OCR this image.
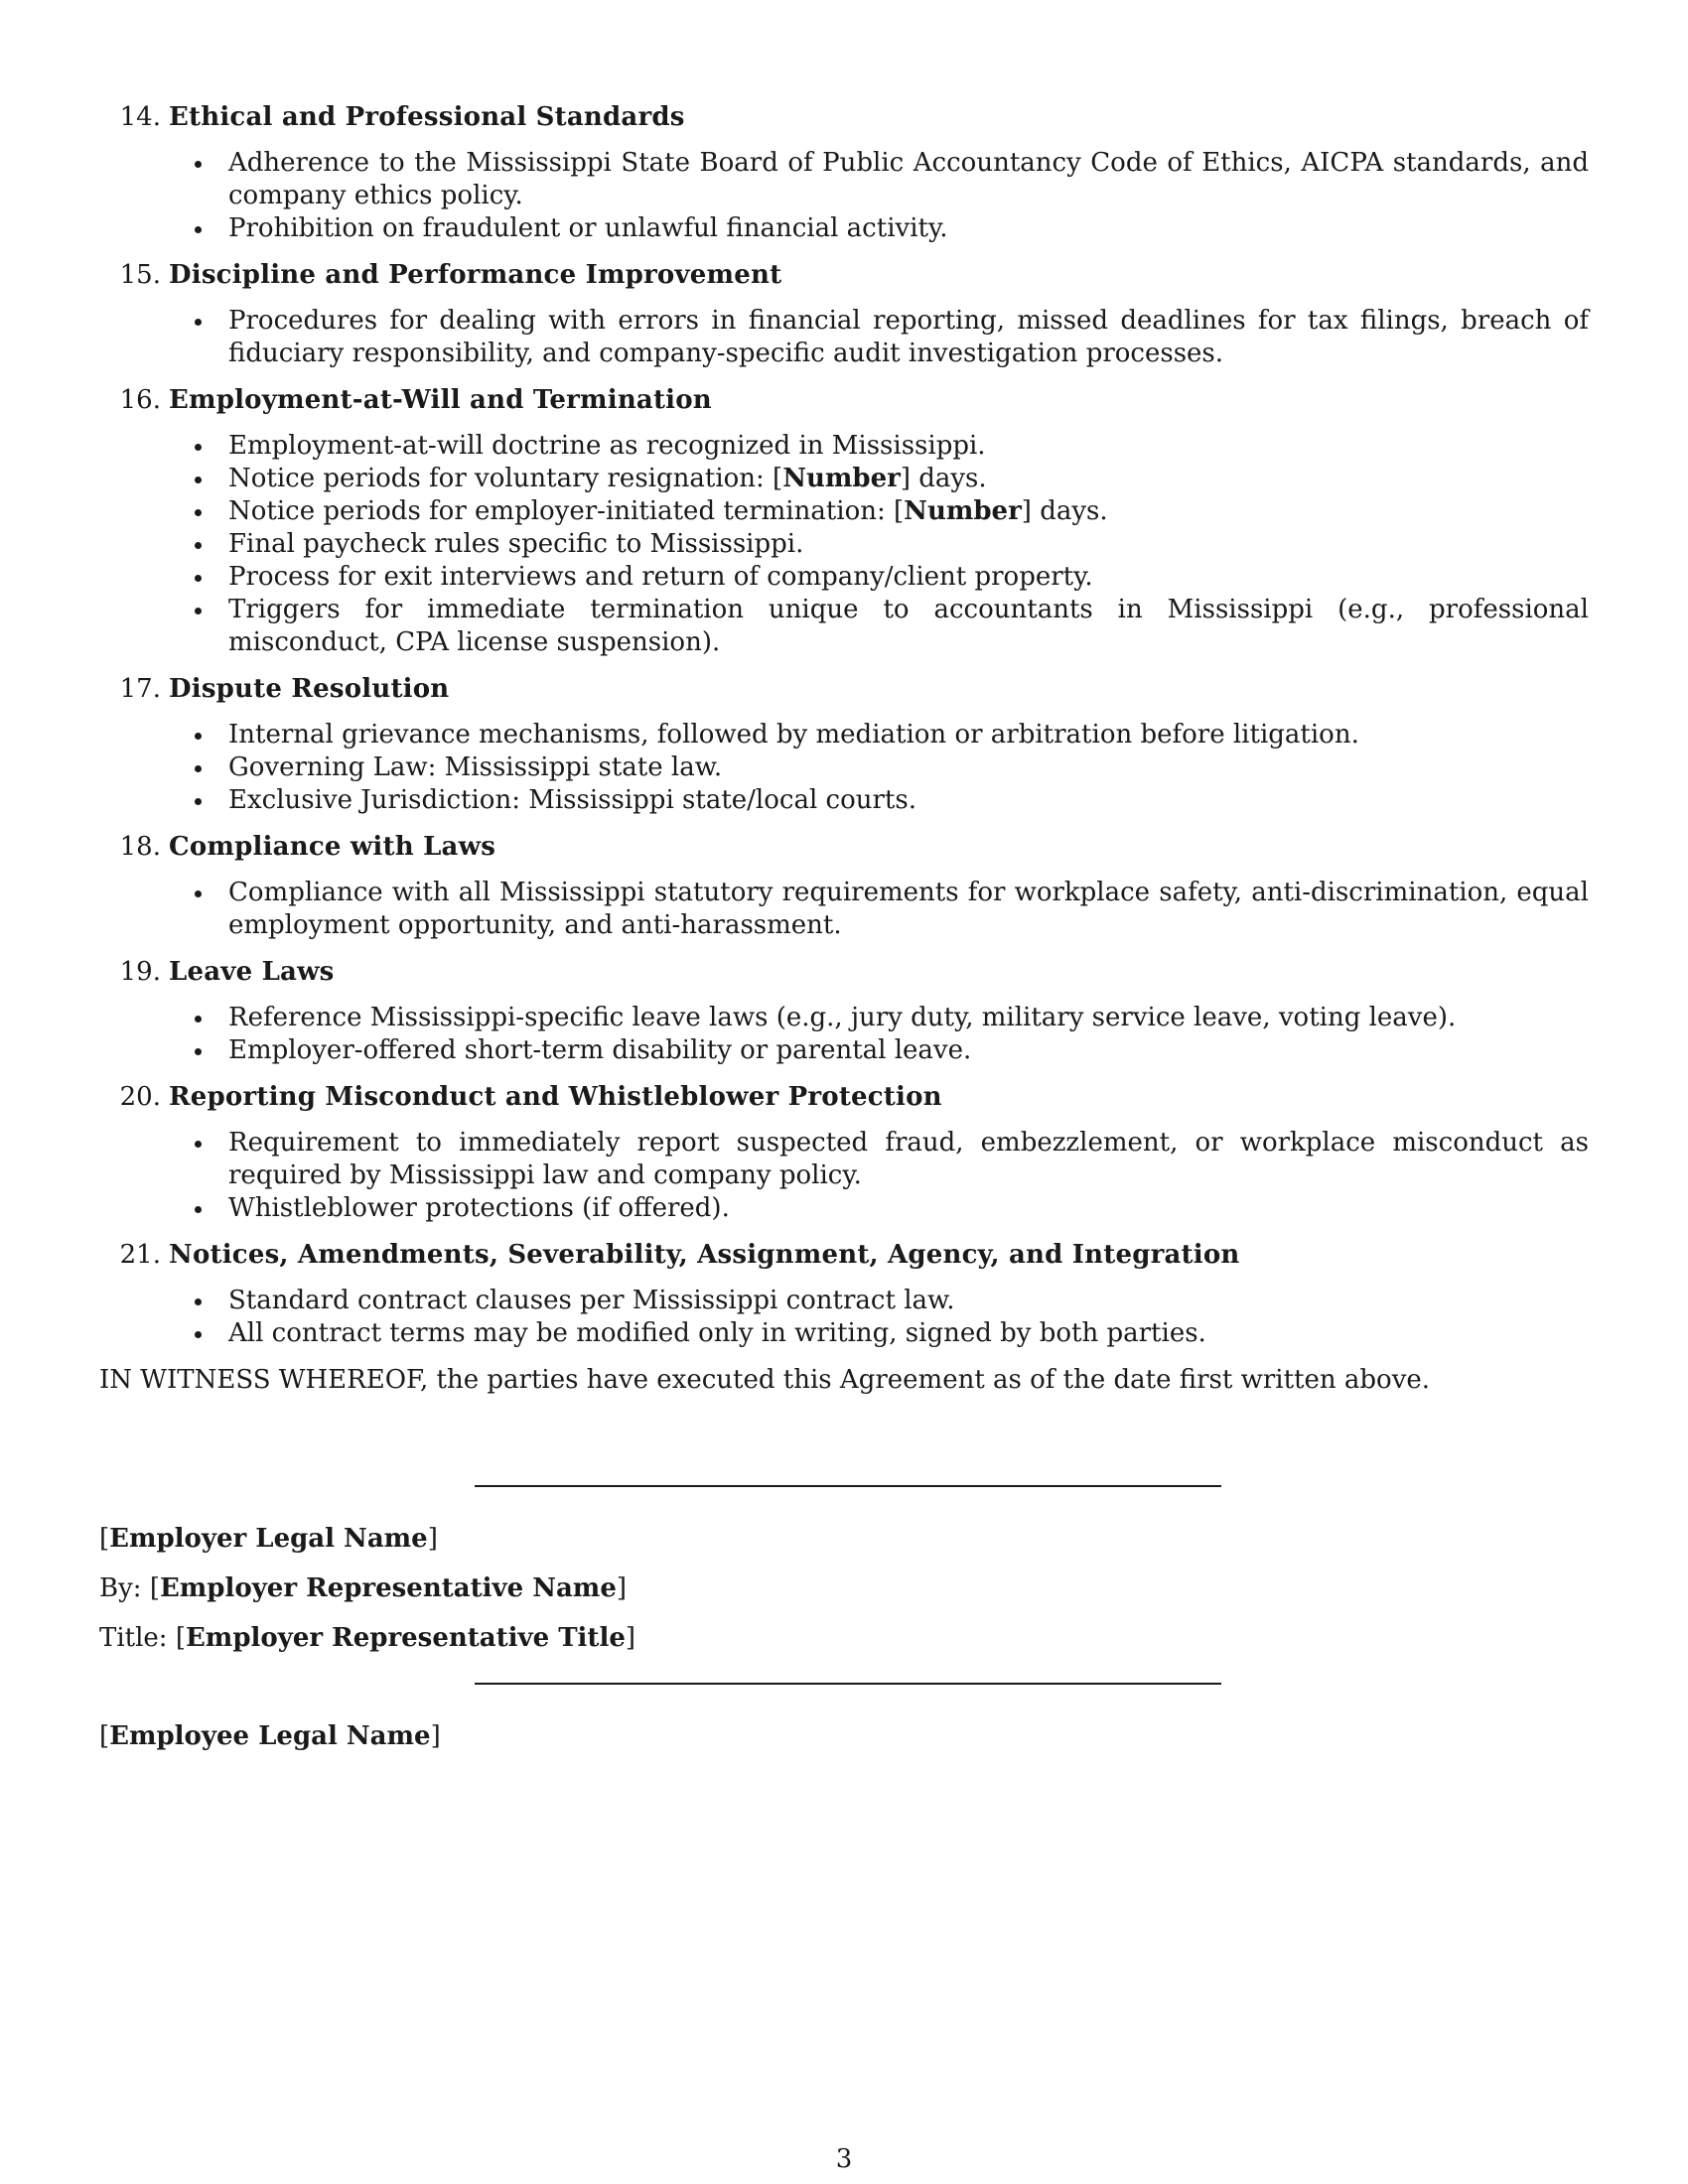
14. Ethical and Professional Standards
Adherence to the Mississippi State Board of Public Accountancy Code of Ethics, AICPA standards, and company ethics policy.
Prohibition on fraudulent or unlawful financial activity.
15. Discipline and Performance Improvement
Procedures for dealing with errors in financial reporting, missed deadlines for tax filings, breach of fiduciary responsibility, and company-specific audit investigation processes.
16. Employment-at-Will and Termination
Employment-at-will doctrine as recognized in Mississippi.
Notice periods for voluntary resignation: [Number] days.
Notice periods for employer-initiated termination: [Number] days.
Final paycheck rules specific to Mississippi.
Process for exit interviews and return of company/client property.
Triggers for immediate termination unique to accountants in Mississippi (e.g., professional misconduct, CPA license suspension).
17. Dispute Resolution
Internal grievance mechanisms, followed by mediation or arbitration before litigation.
Governing Law: Mississippi state law.
Exclusive Jurisdiction: Mississippi state/local courts.
18. Compliance with Laws
Compliance with all Mississippi statutory requirements for workplace safety, anti-discrimination, equal employment opportunity, and anti-harassment.
19. Leave Laws
Reference Mississippi-specific leave laws (e.g., jury duty, military service leave, voting leave).
Employer-offered short-term disability or parental leave.
20. Reporting Misconduct and Whistleblower Protection
Requirement to immediately report suspected fraud, embezzlement, or workplace misconduct as required by Mississippi law and company policy.
Whistleblower protections (if offered).
21. Notices, Amendments, Severability, Assignment, Agency, and Integration
Standard contract clauses per Mississippi contract law.
All contract terms may be modified only in writing, signed by both parties.
IN WITNESS WHEREOF, the parties have executed this Agreement as of the date first written above.
[Employer Legal Name]
By: [Employer Representative Name]
Title: [Employer Representative Title]
[Employee Legal Name]
3
